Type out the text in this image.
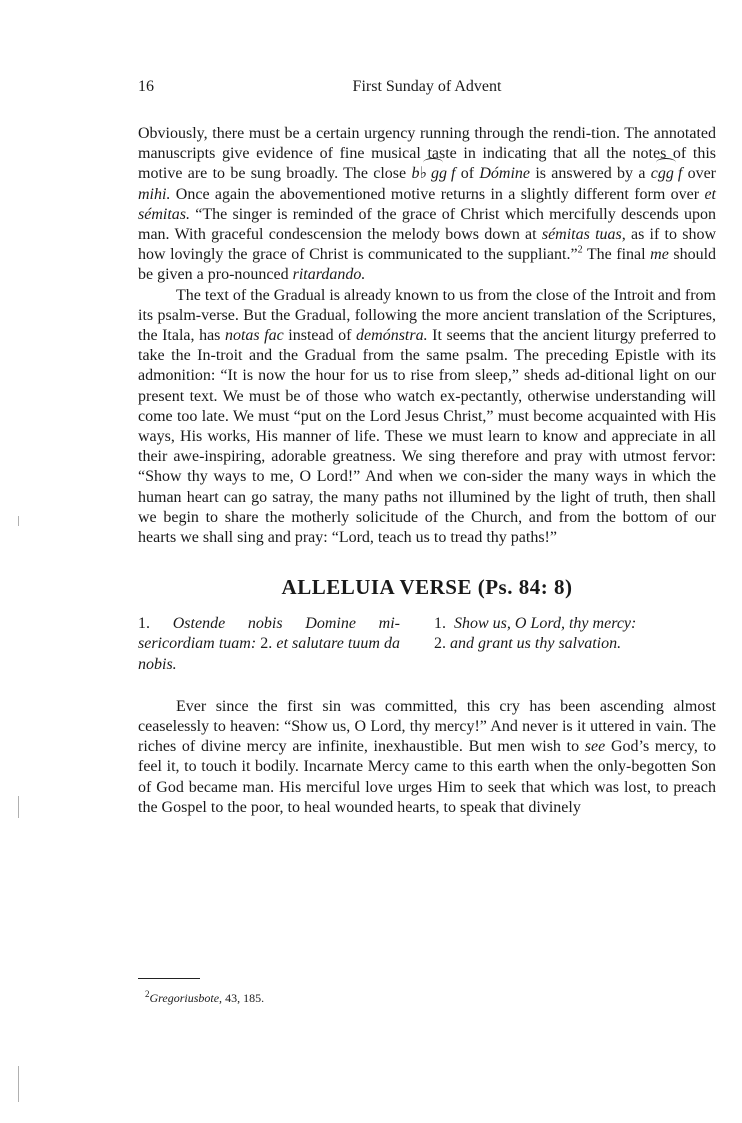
16	First Sunday of Advent

Obviously, there must be a certain urgency running through the rendi-tion. The annotated manuscripts give evidence of fine musical taste in indicating that all the notes of this motive are to be sung broadly. The close
b♭ gg f of Dómine is answered by a
cgg f over mihi. Once again the abovementioned motive returns in a slightly different form over et sémitas. “The singer is reminded of the grace of Christ which mercifully descends upon man. With graceful condescension the melody bows down at sémitas tuas, as if to show how lovingly the grace of Christ is communicated to the suppliant.”$^2$ The final me should be given a pro-nounced ritardando.

The text of the Gradual is already known to us from the close of the Introit and from its psalm-verse. But the Gradual, following the more ancient translation of the Scriptures, the Itala, has notas fac instead of demónstra. It seems that the ancient liturgy preferred to take the In-troit and the Gradual from the same psalm. The preceding Epistle with its admonition: “It is now the hour for us to rise from sleep,” sheds ad-ditional light on our present text. We must be of those who watch ex-pectantly, otherwise understanding will come too late. We must “put on the Lord Jesus Christ,” must become acquainted with His ways, His works, His manner of life. These we must learn to know and appreciate in all their awe-inspiring, adorable greatness. We sing therefore and pray with utmost fervor: “Show thy ways to me, O Lord!” And when we con-sider the many ways in which the human heart can go satray, the many paths not illumined by the light of truth, then shall we begin to share the motherly solicitude of the Church, and from the bottom of our hearts we shall sing and pray: “Lord, teach us to tread thy paths!”

ALLELUIA VERSE (Ps. 84: 8)
1. Ostende nobis Domine mi-sericordiam tuam: 2. et salutare tuum da nobis.
1. Show us, O Lord, thy mercy:
2. and grant us thy salvation.

Ever since the first sin was committed, this cry has been ascending almost ceaselessly to heaven: “Show us, O Lord, thy mercy!” And never is it uttered in vain. The riches of divine mercy are infinite, inexhaustible. But men wish to see God’s mercy, to feel it, to touch it bodily. Incarnate Mercy came to this earth when the only-begotten Son of God became man. His merciful love urges Him to seek that which was lost, to preach the Gospel to the poor, to heal wounded hearts, to speak that divinely

$^2$Gregoriusbote, 43, 185.
